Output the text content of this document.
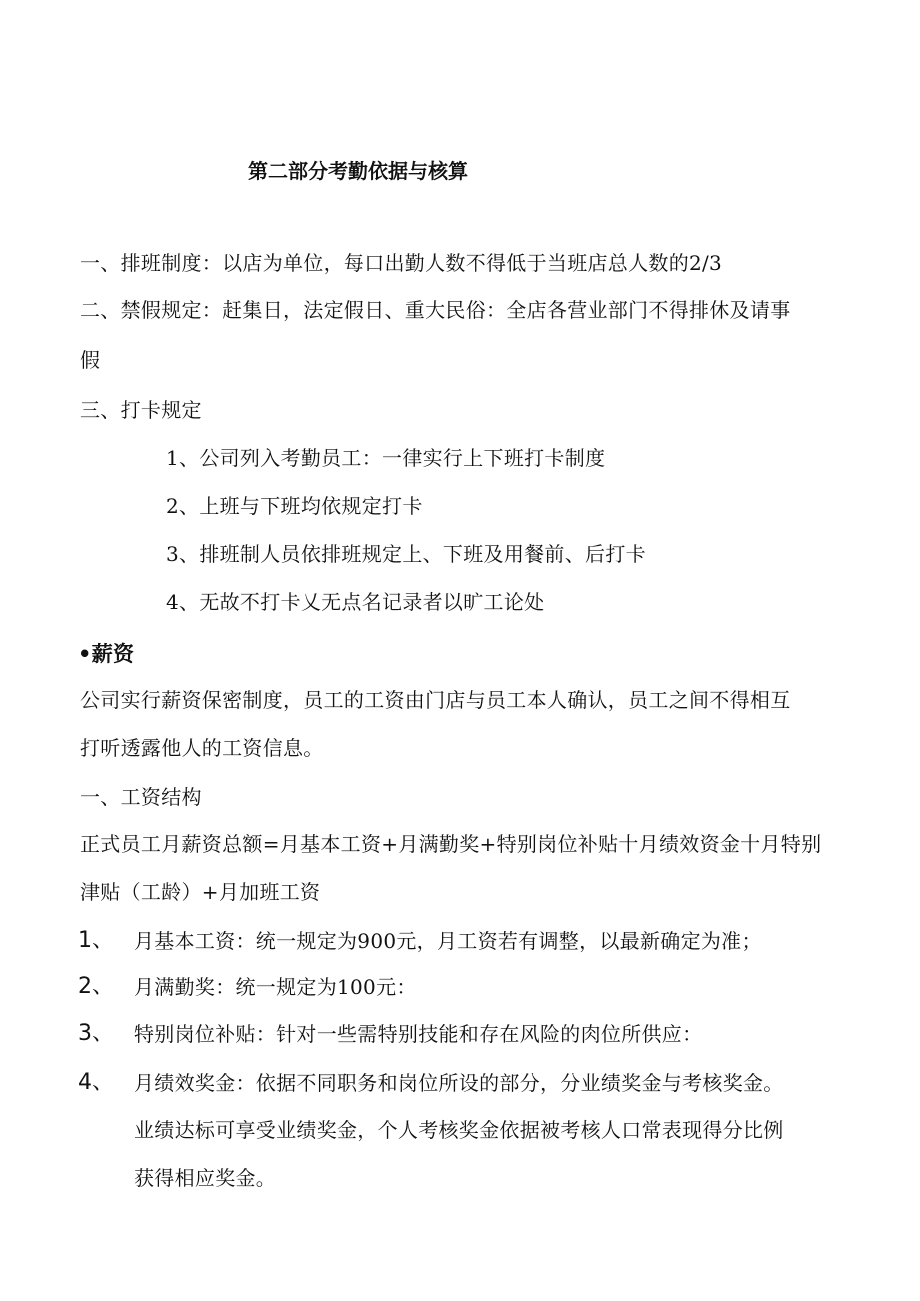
第二部分考勤依据与核算
一、排班制度：以店为单位，每口出勤人数不得低于当班店总人数的2/3
二、禁假规定：赶集日，法定假日、重大民俗：全店各营业部门不得排休及请事
假
三、打卡规定
1、公司列入考勤员工：一律实行上下班打卡制度
2、上班与下班均依规定打卡
3、排班制人员依排班规定上、下班及用餐前、后打卡
4、无故不打卡乂无点名记录者以旷工论处
•薪资
公司实行薪资保密制度，员工的工资由门店与员工本人确认，员工之间不得相互
打听透露他人的工资信息。
一、工资结构
正式员工月薪资总额=月基本工资+月满勤奖+特别岗位补贴十月绩效资金十月特别
津贴（工龄）+月加班工资
1、 月基本工资：统一规定为900元，月工资若有调整，以最新确定为准；
2、 月满勤奖：统一规定为100元：
3、 特别岗位补贴：针对一些需特别技能和存在风险的肉位所供应：
4、 月绩效奖金：依据不同职务和岗位所设的部分，分业绩奖金与考核奖金。
业绩达标可享受业绩奖金，个人考核奖金依据被考核人口常表现得分比例
获得相应奖金。
